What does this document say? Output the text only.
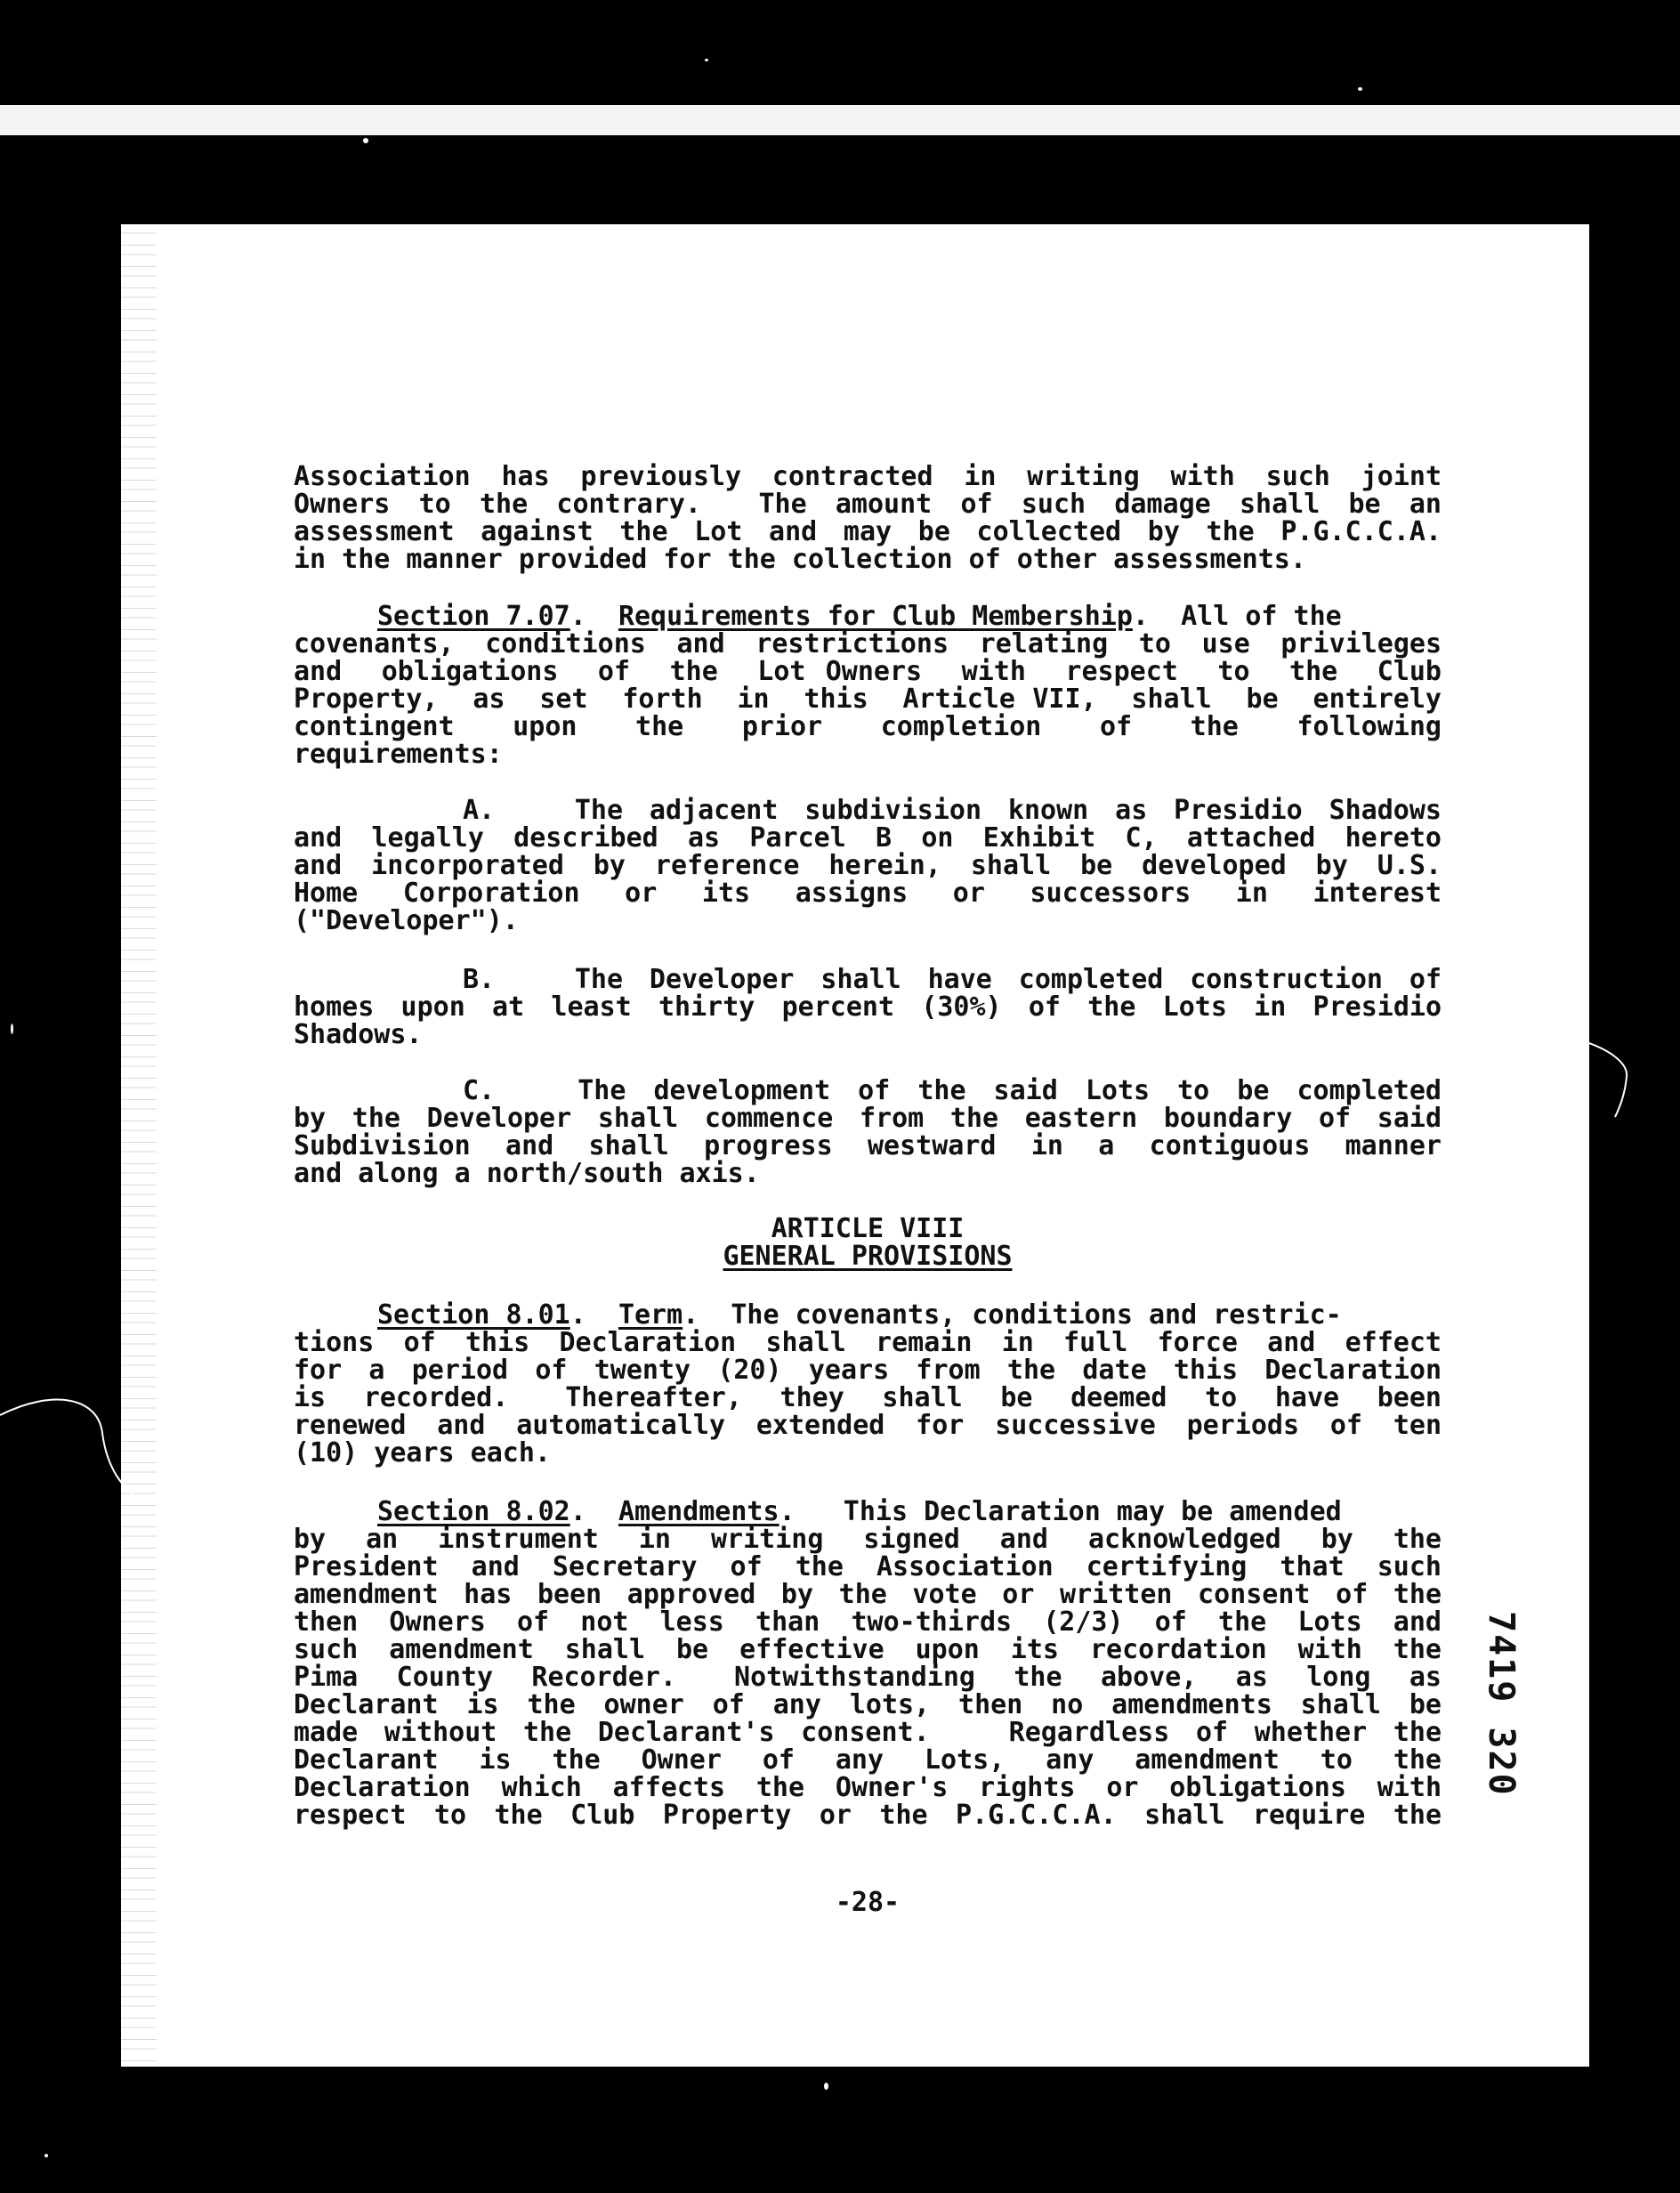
Association has previously contracted in writing with such joint
Owners to the contrary.  The amount of such damage shall be an
assessment against the Lot and may be collected by the P.G.C.C.A.
in the manner provided for the collection of other assessments.
Section 7.07.  Requirements for Club Membership.  All of the
covenants, conditions and restrictions relating to use privileges
and  obligations  of  the  Lot Owners  with  respect  to  the  Club
Property,  as  set  forth  in  this  Article VII,  shall  be  entirely
contingent   upon   the   prior   completion   of   the   following
requirements:
A.   The adjacent subdivision known as Presidio Shadows
and legally described as Parcel B on Exhibit C, attached hereto
and incorporated by reference herein, shall be developed by U.S.
Home  Corporation  or  its  assigns  or  successors  in  interest
("Developer").
B.   The Developer shall have completed construction of
homes upon at least thirty percent (30%) of the Lots in Presidio
Shadows.
C.   The development of the said Lots to be completed
by the Developer shall commence from the eastern boundary of said
Subdivision and shall progress westward in a contiguous manner
and along a north/south axis.
ARTICLE VIII
GENERAL PROVISIONS
Section 8.01.  Term.  The covenants, conditions and restric-
tions of this Declaration shall remain in full force and effect
for a period of twenty (20) years from the date this Declaration
is  recorded.   Thereafter,  they  shall  be  deemed  to  have  been
renewed and automatically extended for successive periods of ten
(10) years each.
Section 8.02.  Amendments.   This Declaration may be amended
by  an  instrument  in  writing  signed  and  acknowledged  by  the
President and Secretary of the Association certifying that such
amendment has been approved by the vote or written consent of the
then Owners of not less than two-thirds (2/3) of the Lots and
such amendment shall be effective upon its recordation with the
Pima  County  Recorder.   Notwithstanding  the  above,  as  long  as
Declarant is the owner of any lots, then no amendments shall be
made without the Declarant's consent.   Regardless of whether the
Declarant  is  the  Owner  of  any  Lots,  any  amendment  to  the
Declaration which affects the Owner's rights or obligations with
respect to the Club Property or the P.G.C.C.A. shall require the
7419 320
-28-
